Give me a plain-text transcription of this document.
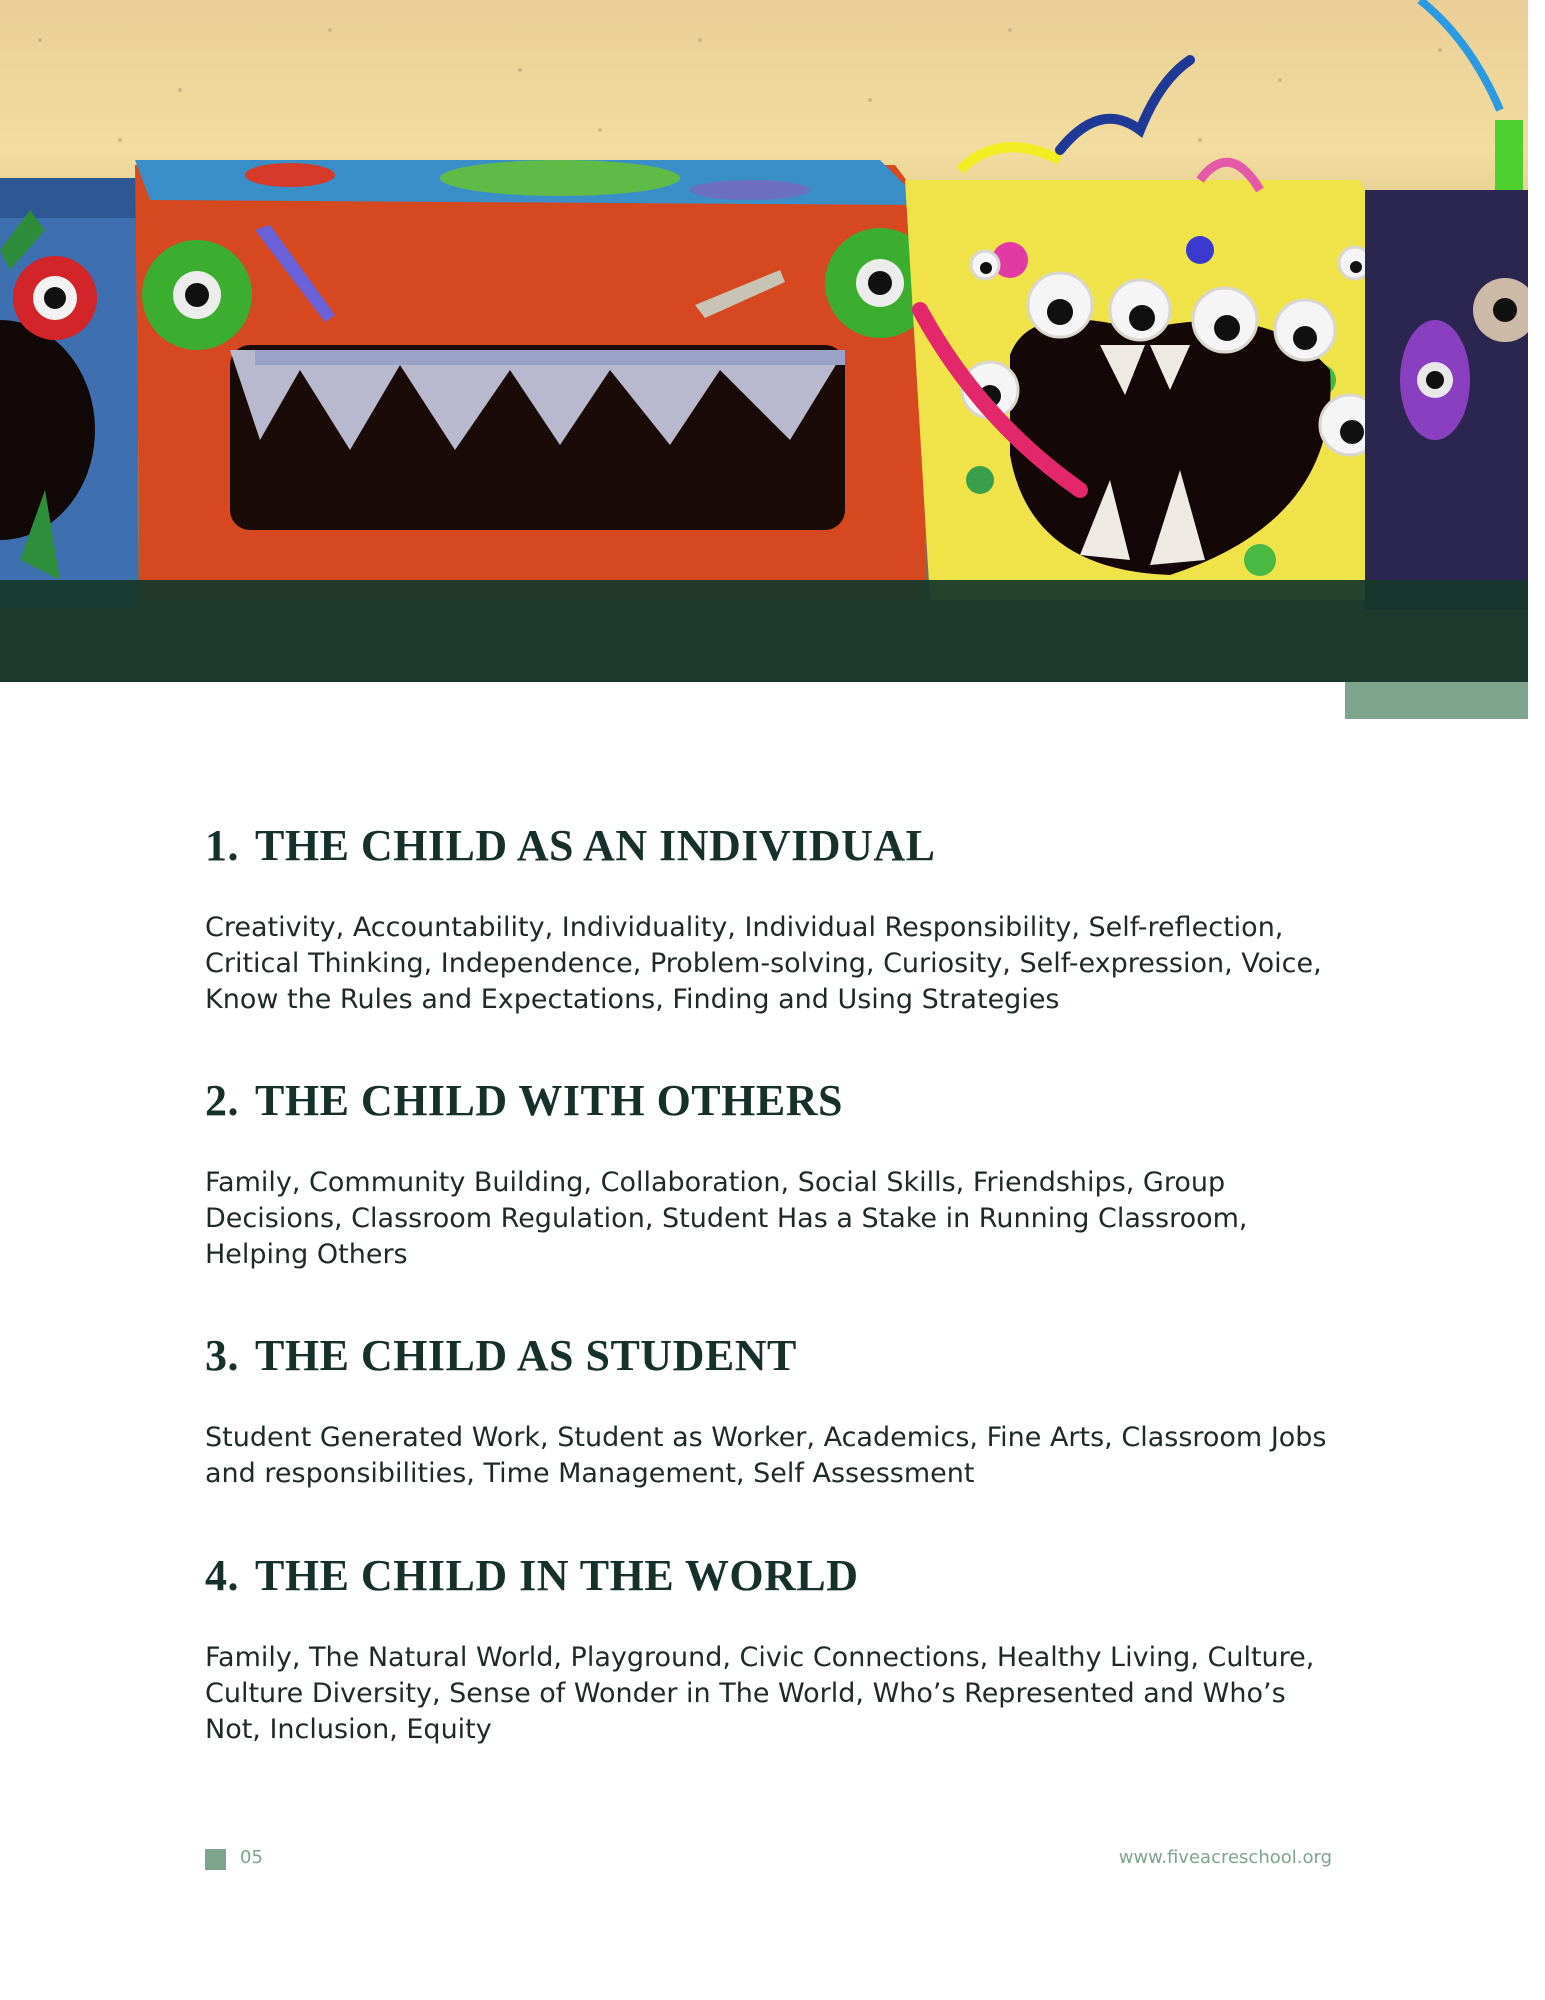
1. THE CHILD AS AN INDIVIDUAL

Creativity, Accountability, Individuality, Individual Responsibility, Self-reflection, Critical Thinking, Independence, Problem-solving, Curiosity, Self-expression, Voice, Know the Rules and Expectations, Finding and Using Strategies

2. THE CHILD WITH OTHERS

Family, Community Building, Collaboration, Social Skills, Friendships, Group Decisions, Classroom Regulation, Student Has a Stake in Running Classroom, Helping Others

3. THE CHILD AS STUDENT

Student Generated Work, Student as Worker, Academics, Fine Arts, Classroom Jobs and responsibilities, Time Management, Self Assessment

4. THE CHILD IN THE WORLD

Family, The Natural World, Playground, Civic Connections, Healthy Living, Culture, Culture Diversity, Sense of Wonder in The World, Who’s Represented and Who’s Not, Inclusion, Equity

05	www.fiveacreschool.org
